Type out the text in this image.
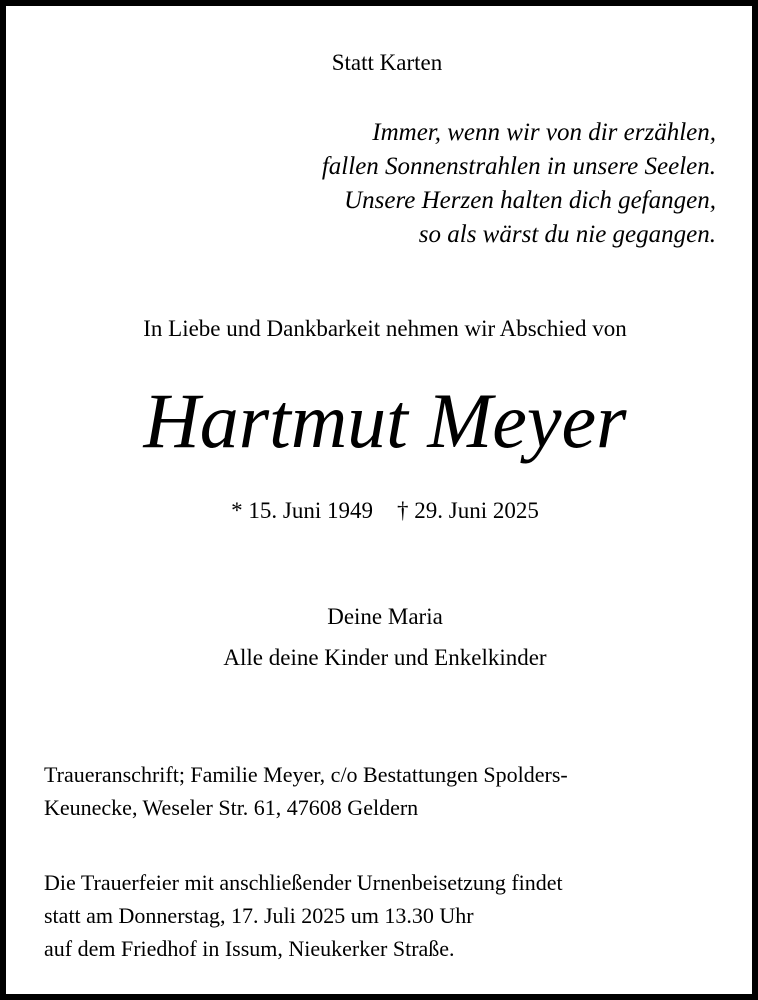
Statt Karten
Immer, wenn wir von dir erzählen,
fallen Sonnenstrahlen in unsere Seelen.
Unsere Herzen halten dich gefangen,
so als wärst du nie gegangen.
In Liebe und Dankbarkeit nehmen wir Abschied von
Hartmut Meyer
* 15. Juni 1949 † 29. Juni 2025
Deine Maria
Alle deine Kinder und Enkelkinder
Traueranschrift; Familie Meyer, c/o Bestattungen Spolders-
Keunecke, Weseler Str. 61, 47608 Geldern
Die Trauerfeier mit anschließender Urnenbeisetzung findet
statt am Donnerstag, 17. Juli 2025 um 13.30 Uhr
auf dem Friedhof in Issum, Nieukerker Straße.
